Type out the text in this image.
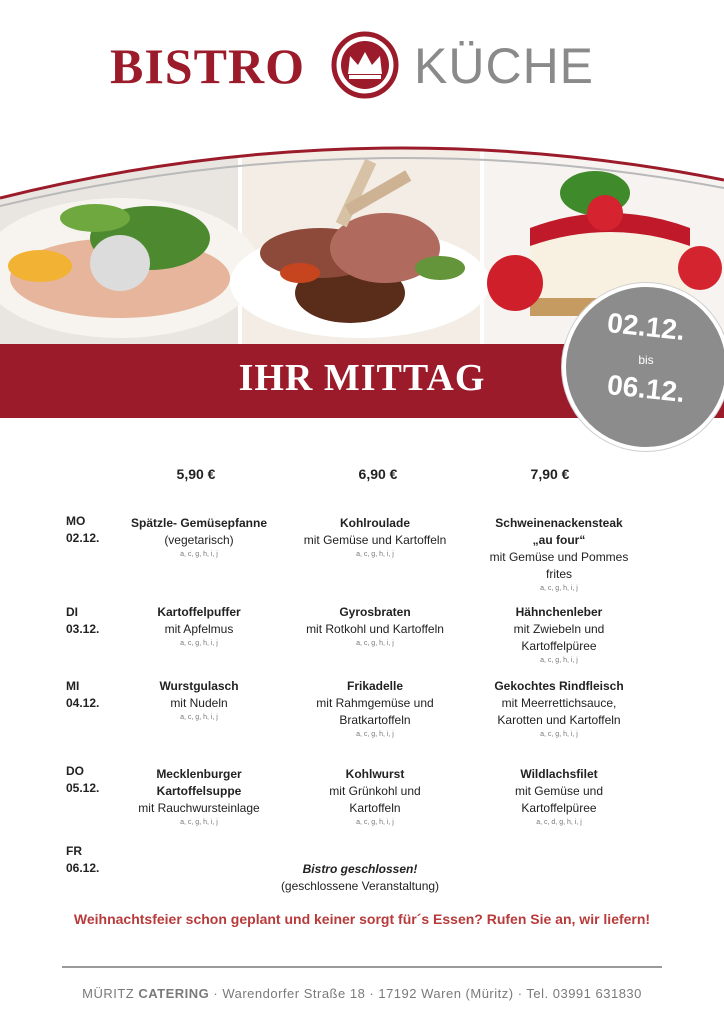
BISTRO KÜCHE
IHR MITTAG
02.12.
bis
06.12.
5,90 €	6,90 €	7,90 €
MO
02.12.
Spätzle- Gemüsepfanne
(vegetarisch)
a, c, g, h, i, j
Kohlroulade
mit Gemüse und Kartoffeln
a, c, g, h, i, j
Schweinenackensteak „au four“
mit Gemüse und Pommes frites
a, c, g, h, i, j
DI
03.12.
Kartoffelpuffer
mit Apfelmus
a, c, g, h, i, j
Gyrosbraten
mit Rotkohl und Kartoffeln
a, c, g, h, i, j
Hähnchenleber
mit Zwiebeln und Kartoffelpüree
a, c, g, h, i, j
MI
04.12.
Wurstgulasch
mit Nudeln
a, c, g, h, i, j
Frikadelle
mit Rahmgemüse und Bratkartoffeln
a, c, g, h, i, j
Gekochtes Rindfleisch
mit Meerrettichsauce, Karotten und Kartoffeln
a, c, g, h, i, j
DO
05.12.
Mecklenburger Kartoffelsuppe
mit Rauchwursteinlage
a, c, g, h, i, j
Kohlwurst
mit Grünkohl und Kartoffeln
a, c, g, h, i, j
Wildlachsfilet
mit Gemüse und Kartoffelpüree
a, c, d, g, h, i, j
FR
06.12.	Bistro geschlossen!
(geschlossene Veranstaltung)
Weihnachtsfeier schon geplant und keiner sorgt für´s Essen? Rufen Sie an, wir liefern!
MÜRITZ CATERING · Warendorfer Straße 18 · 17192 Waren (Müritz) · Tel. 03991 631830
